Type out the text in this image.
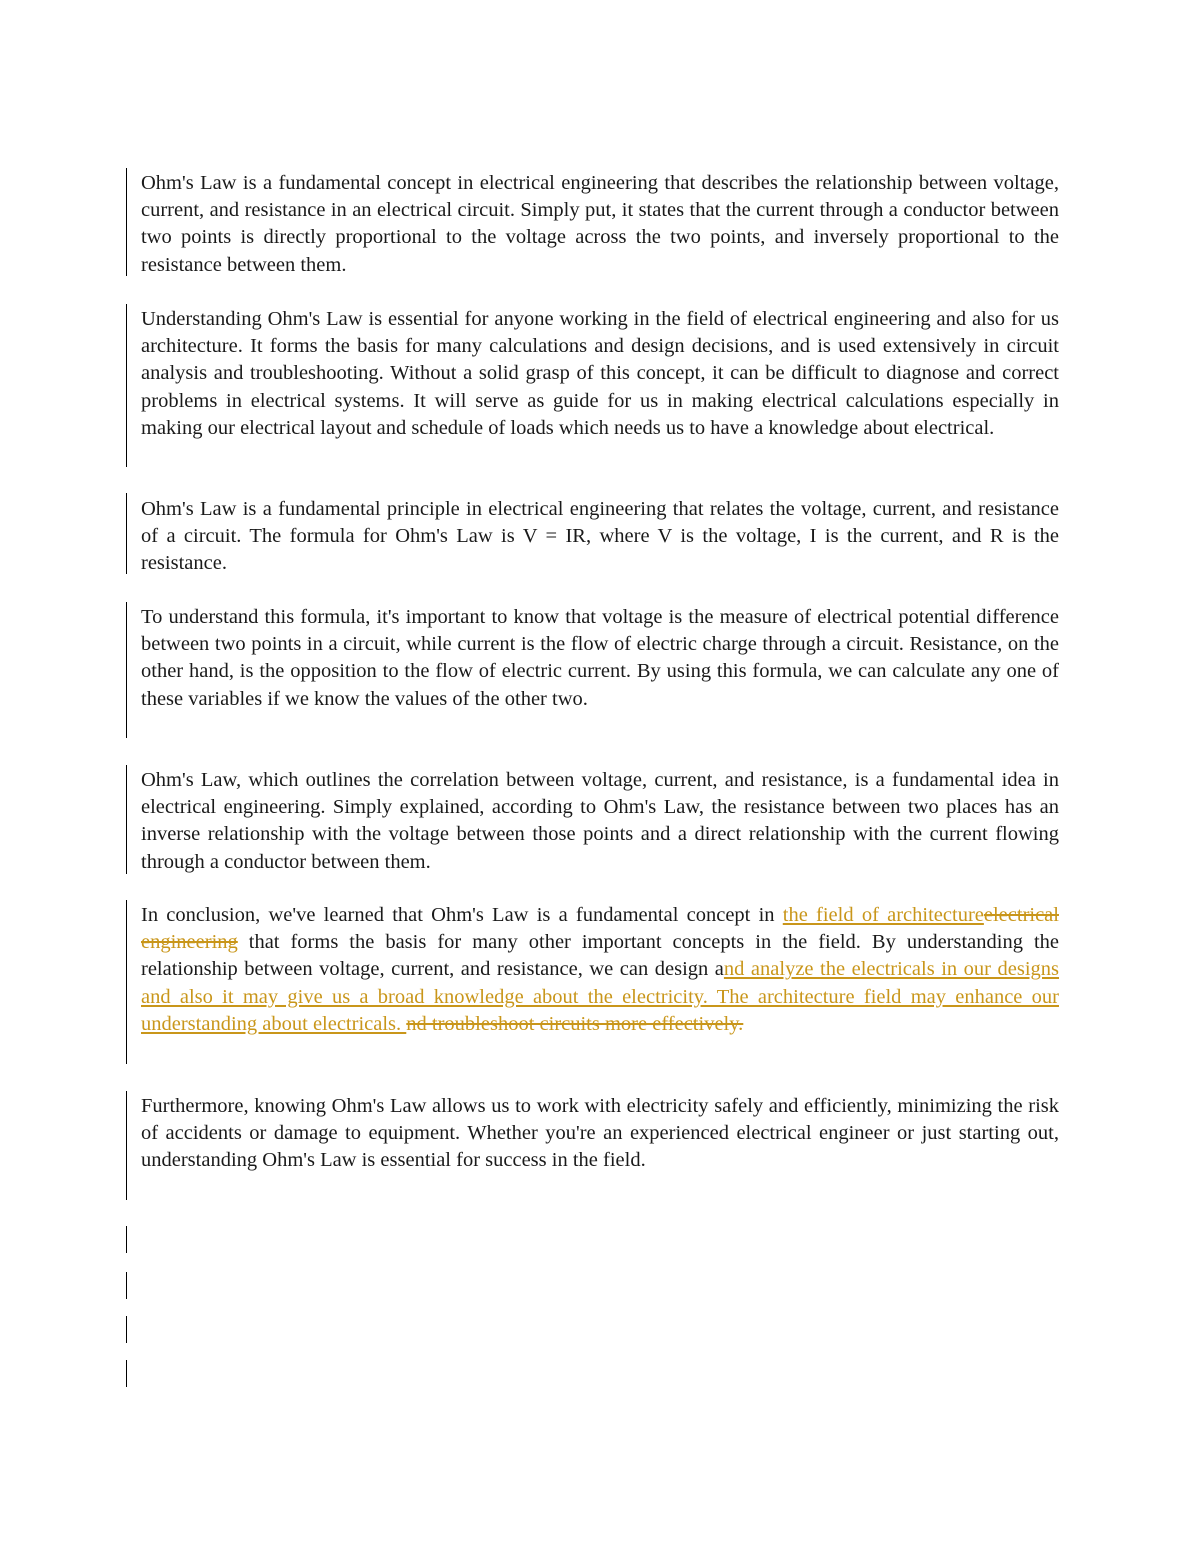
Ohm's Law is a fundamental concept in electrical engineering that describes the relationship between voltage, current, and resistance in an electrical circuit. Simply put, it states that the current through a conductor between two points is directly proportional to the voltage across the two points, and inversely proportional to the resistance between them.

Understanding Ohm's Law is essential for anyone working in the field of electrical engineering and also for us architecture. It forms the basis for many calculations and design decisions, and is used extensively in circuit analysis and troubleshooting. Without a solid grasp of this concept, it can be difficult to diagnose and correct problems in electrical systems. It will serve as guide for us in making electrical calculations especially in making our electrical layout and schedule of loads which needs us to have a knowledge about electrical.

Ohm's Law is a fundamental principle in electrical engineering that relates the voltage, current, and resistance of a circuit. The formula for Ohm's Law is V = IR, where V is the voltage, I is the current, and R is the resistance.

To understand this formula, it's important to know that voltage is the measure of electrical potential difference between two points in a circuit, while current is the flow of electric charge through a circuit. Resistance, on the other hand, is the opposition to the flow of electric current. By using this formula, we can calculate any one of these variables if we know the values of the other two.

Ohm's Law, which outlines the correlation between voltage, current, and resistance, is a fundamental idea in electrical engineering. Simply explained, according to Ohm's Law, the resistance between two places has an inverse relationship with the voltage between those points and a direct relationship with the current flowing through a conductor between them.

In conclusion, we've learned that Ohm's Law is a fundamental concept in the field of architectureelectrical engineering that forms the basis for many other important concepts in the field. By understanding the relationship between voltage, current, and resistance, we can design and analyze the electricals in our designs and also it may give us a broad knowledge about the electricity. The architecture field may enhance our understanding about electricals. nd troubleshoot circuits more effectively.

Furthermore, knowing Ohm's Law allows us to work with electricity safely and efficiently, minimizing the risk of accidents or damage to equipment. Whether you're an experienced electrical engineer or just starting out, understanding Ohm's Law is essential for success in the field.
